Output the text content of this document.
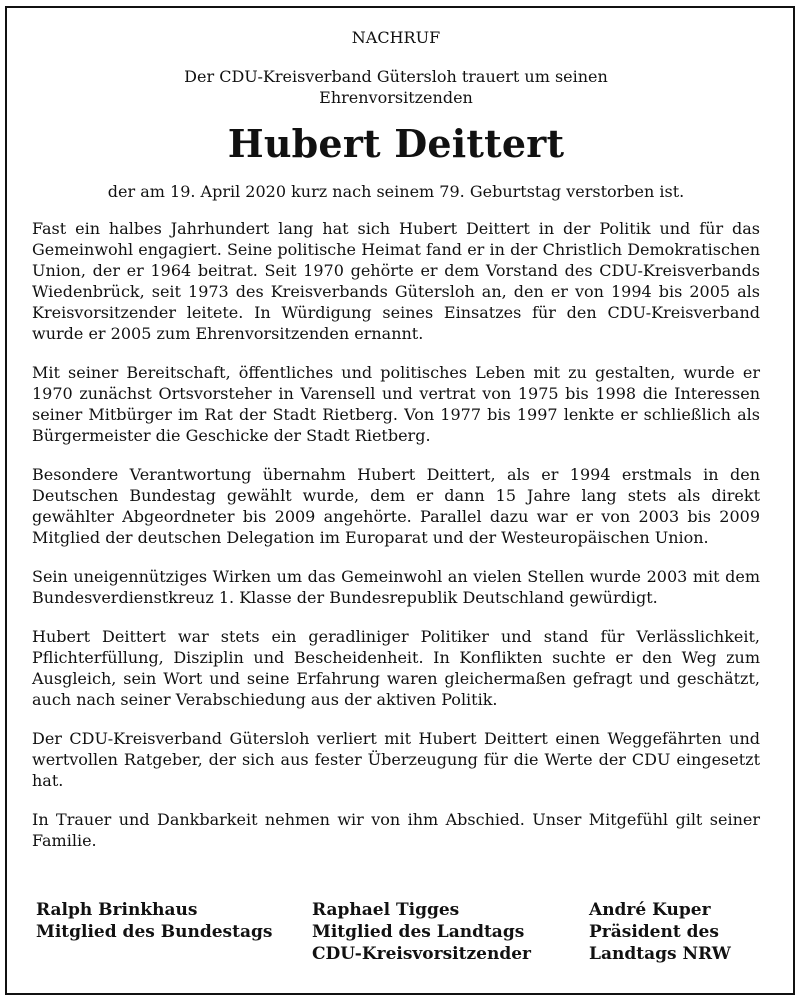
NACHRUF
Der CDU-Kreisverband Gütersloh trauert um seinen
Ehrenvorsitzenden
Hubert Deittert
der am 19. April 2020 kurz nach seinem 79. Geburtstag verstorben ist.

Fast ein halbes Jahrhundert lang hat sich Hubert Deittert in der Politik und für das Gemeinwohl engagiert. Seine politische Heimat fand er in der Christlich Demokratischen Union, der er 1964 beitrat. Seit 1970 gehörte er dem Vorstand des CDU-Kreisverbands Wiedenbrück, seit 1973 des Kreisverbands Gütersloh an, den er von 1994 bis 2005 als Kreisvorsitzender leitete. In Würdigung seines Einsatzes für den CDU-Kreisverband wurde er 2005 zum Ehrenvorsitzenden ernannt.

Mit seiner Bereitschaft, öffentliches und politisches Leben mit zu gestalten, wurde er 1970 zunächst Ortsvorsteher in Varensell und vertrat von 1975 bis 1998 die Interessen seiner Mitbürger im Rat der Stadt Rietberg. Von 1977 bis 1997 lenkte er schließlich als Bürgermeister die Geschicke der Stadt Rietberg.

Besondere Verantwortung übernahm Hubert Deittert, als er 1994 erstmals in den Deutschen Bundestag gewählt wurde, dem er dann 15 Jahre lang stets als direkt gewählter Abgeordneter bis 2009 angehörte. Parallel dazu war er von 2003 bis 2009 Mitglied der deutschen Delegation im Europarat und der Westeuropäischen Union.

Sein uneigennütziges Wirken um das Gemeinwohl an vielen Stellen wurde 2003 mit dem Bundesverdienstkreuz 1. Klasse der Bundesrepublik Deutschland gewürdigt.

Hubert Deittert war stets ein geradliniger Politiker und stand für Verlässlichkeit, Pflichterfüllung, Disziplin und Bescheidenheit. In Konflikten suchte er den Weg zum Ausgleich, sein Wort und seine Erfahrung waren gleichermaßen gefragt und geschätzt, auch nach seiner Verabschiedung aus der aktiven Politik.

Der CDU-Kreisverband Gütersloh verliert mit Hubert Deittert einen Weggefährten und wertvollen Ratgeber, der sich aus fester Überzeugung für die Werte der CDU eingesetzt hat.

In Trauer und Dankbarkeit nehmen wir von ihm Abschied. Unser Mitgefühl gilt seiner Familie.

Ralph Brinkhaus
Mitglied des Bundestags
Raphael Tigges
Mitglied des Landtags
CDU-Kreisvorsitzender
André Kuper
Präsident des
Landtags NRW
